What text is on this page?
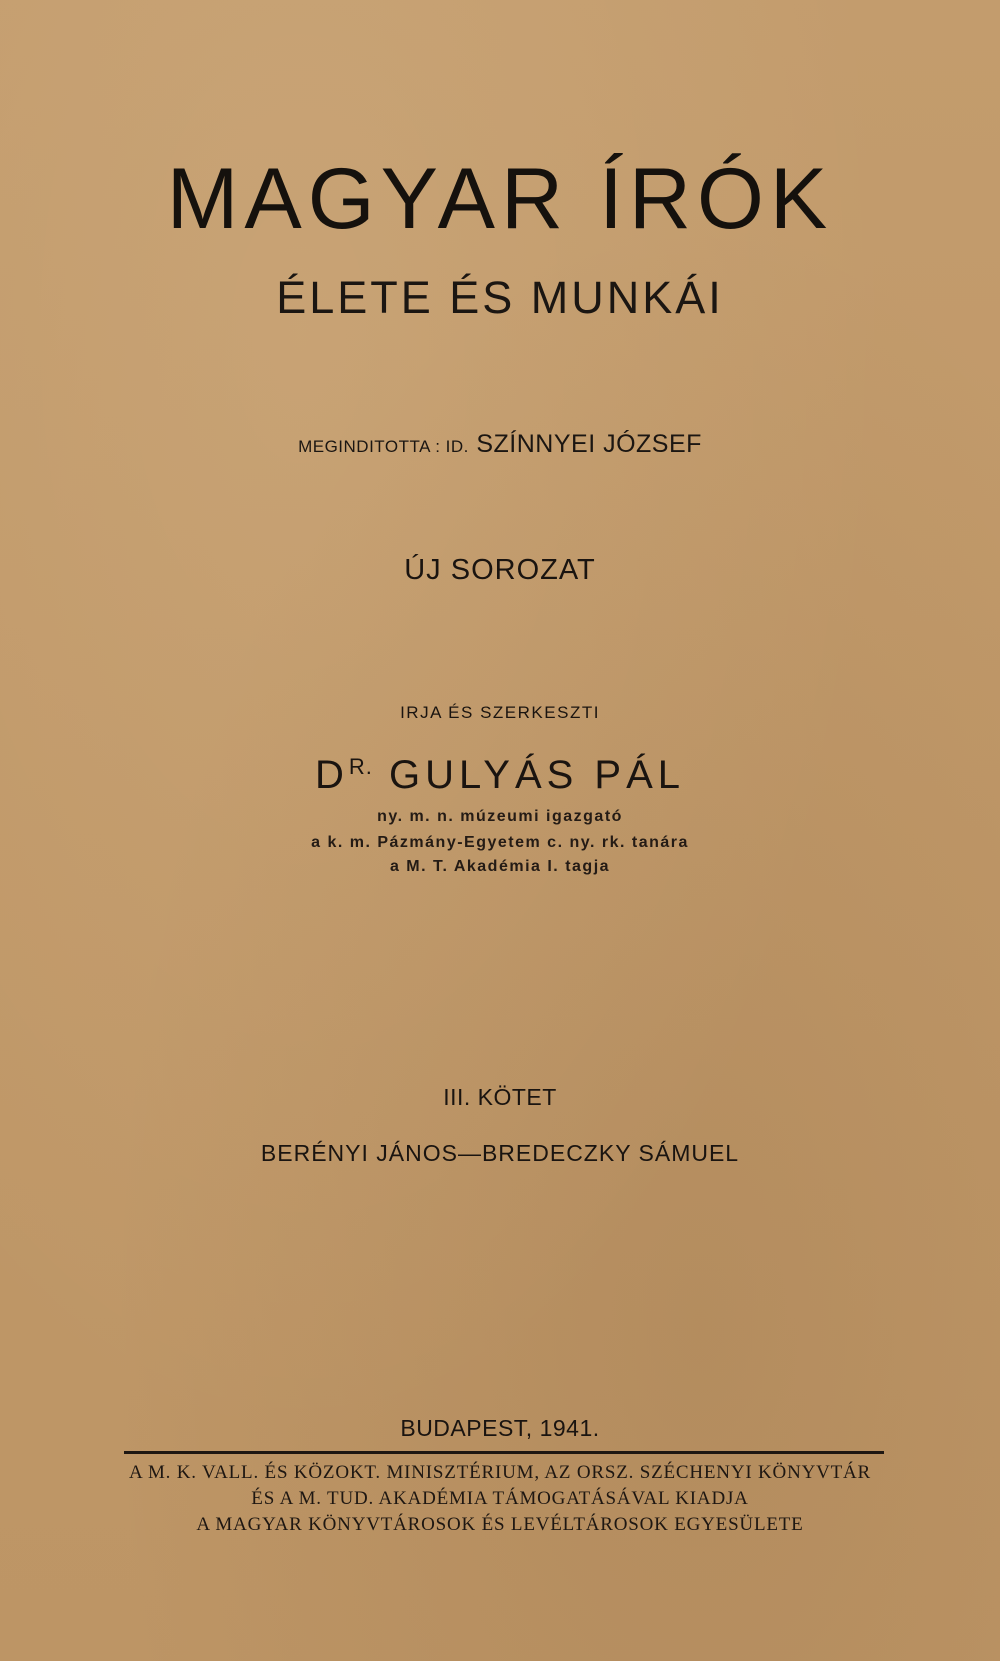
MAGYAR ÍRÓK
ÉLETE ÉS MUNKÁI
MEGINDITOTTA : ID. SZÍNNYEI JÓZSEF
ÚJ SOROZAT
IRJA ÉS SZERKESZTI
$D^{R.}$ GULYÁS PÁL
ny. m. n. múzeumi igazgató
a k. m. Pázmány-Egyetem c. ny. rk. tanára
a M. T. Akadémia I. tagja
III. KÖTET
BERÉNYI JÁNOS—BREDECZKY SÁMUEL
BUDAPEST, 1941.
A M. K. VALL. ÉS KÖZOKT. MINISZTÉRIUM, AZ ORSZ. SZÉCHENYI KÖNYVTÁR
ÉS A M. TUD. AKADÉMIA TÁMOGATÁSÁVAL KIADJA
A MAGYAR KÖNYVTÁROSOK ÉS LEVÉLTÁROSOK EGYESÜLETE
